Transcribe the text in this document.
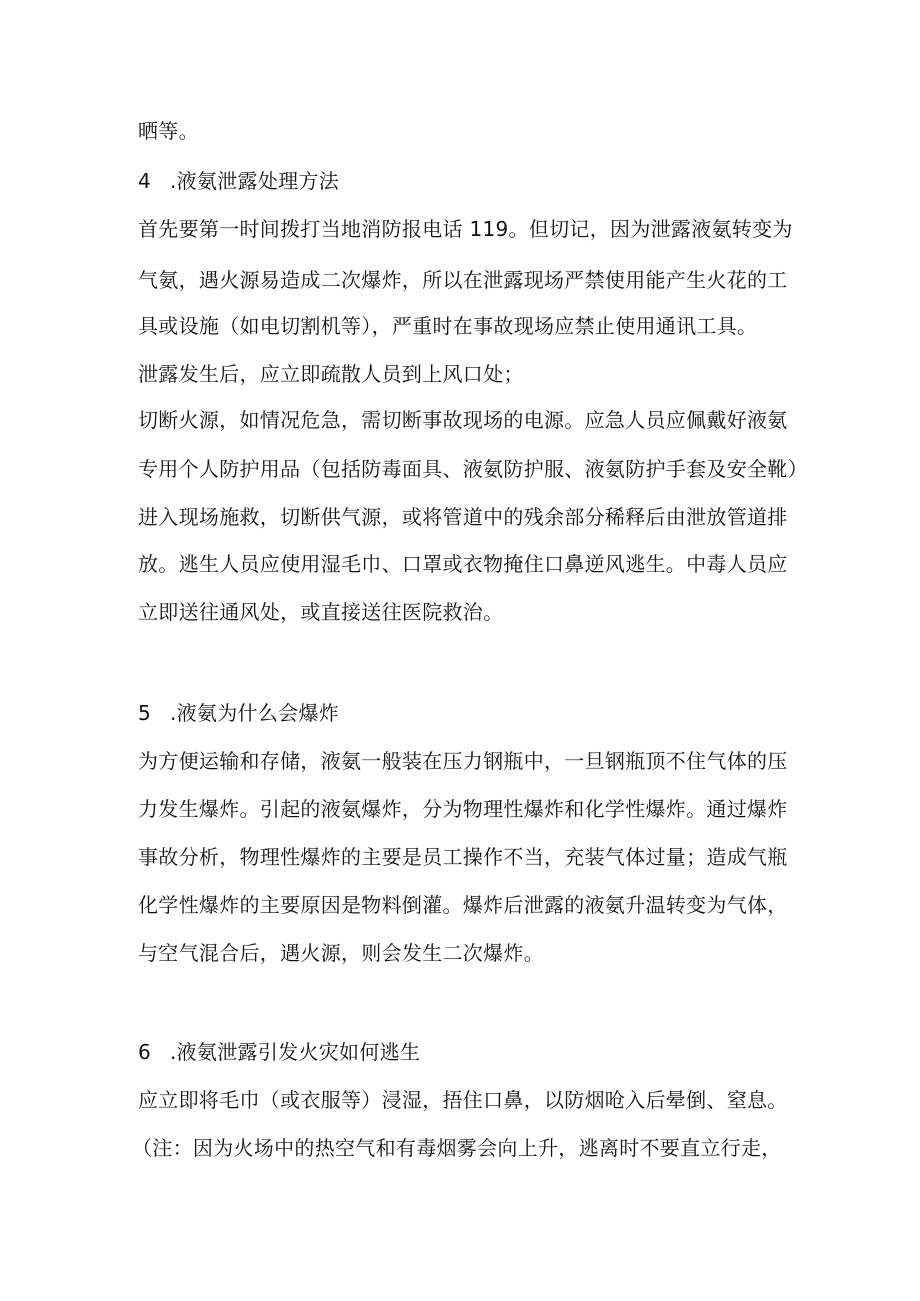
晒等。
4 .液氨泄露处理方法
首先要第一时间拨打当地消防报电话 119。但切记，因为泄露液氨转变为
气氨，遇火源易造成二次爆炸，所以在泄露现场严禁使用能产生火花的工
具或设施（如电切割机等），严重时在事故现场应禁止使用通讯工具。
泄露发生后，应立即疏散人员到上风口处；
切断火源，如情况危急，需切断事故现场的电源。应急人员应佩戴好液氨
专用个人防护用品（包括防毒面具、液氨防护服、液氨防护手套及安全靴）
进入现场施救，切断供气源，或将管道中的残余部分稀释后由泄放管道排
放。逃生人员应使用湿毛巾、口罩或衣物掩住口鼻逆风逃生。中毒人员应
立即送往通风处，或直接送往医院救治。
5 .液氨为什么会爆炸
为方便运输和存储，液氨一般装在压力钢瓶中，一旦钢瓶顶不住气体的压
力发生爆炸。引起的液氨爆炸，分为物理性爆炸和化学性爆炸。通过爆炸
事故分析，物理性爆炸的主要是员工操作不当，充装气体过量；造成气瓶
化学性爆炸的主要原因是物料倒灌。爆炸后泄露的液氨升温转变为气体，
与空气混合后，遇火源，则会发生二次爆炸。
6 .液氨泄露引发火灾如何逃生
应立即将毛巾（或衣服等）浸湿，捂住口鼻，以防烟呛入后晕倒、窒息。
（注：因为火场中的热空气和有毒烟雾会向上升，逃离时不要直立行走，
